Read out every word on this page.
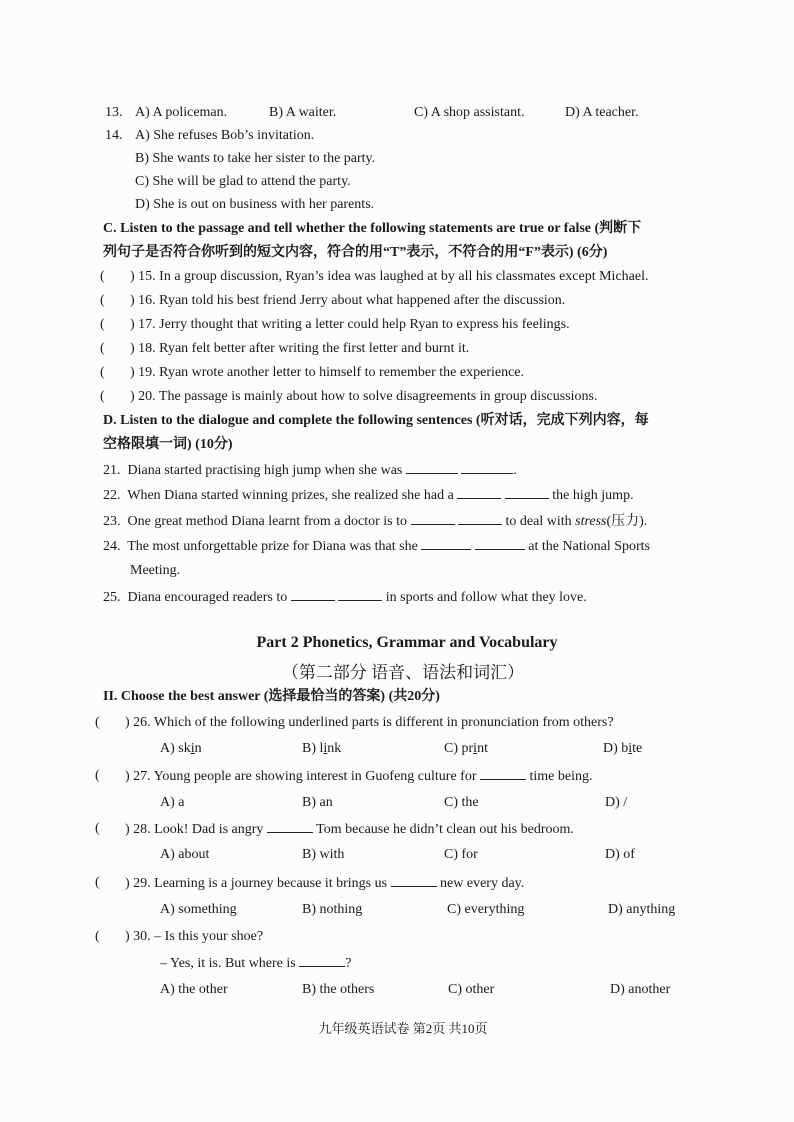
13. A) A policeman.	B) A waiter.	C) A shop assistant.	D) A teacher.
14. A) She refuses Bob’s invitation.
B) She wants to take her sister to the party.
C) She will be glad to attend the party.
D) She is out on business with her parents.
C. Listen to the passage and tell whether the following statements are true or false (判断下
列句子是否符合你听到的短文内容，符合的用“T”表示，不符合的用“F”表示) (6分)
( ) 15. In a group discussion, Ryan’s idea was laughed at by all his classmates except Michael.
( ) 16. Ryan told his best friend Jerry about what happened after the discussion.
( ) 17. Jerry thought that writing a letter could help Ryan to express his feelings.
( ) 18. Ryan felt better after writing the first letter and burnt it.
( ) 19. Ryan wrote another letter to himself to remember the experience.
( ) 20. The passage is mainly about how to solve disagreements in group discussions.
D. Listen to the dialogue and complete the following sentences (听对话，完成下列内容，每
空格限填一词) (10分)
21. Diana started practising high jump when she was	.
22. When Diana started winning prizes, she realized she had a	the high jump.
23. One great method Diana learnt from a doctor is to	to deal with stress(压力).
24. The most unforgettable prize for Diana was that she	at the National Sports
Meeting.
25. Diana encouraged readers to	in sports and follow what they love.
Part 2 Phonetics, Grammar and Vocabulary
（第二部分 语音、语法和词汇）
II. Choose the best answer (选择最恰当的答案) (共20分)
( ) 26. Which of the following underlined parts is different in pronunciation from others?
A) skin	B) link	C) print	D) bite
( ) 27. Young people are showing interest in Guofeng culture for	time being.
A) a	B) an	C) the	D) /
( ) 28. Look! Dad is angry	Tom because he didn’t clean out his bedroom.
A) about	B) with	C) for	D) of
( ) 29. Learning is a journey because it brings us	new every day.
A) something	B) nothing	C) everything	D) anything
( ) 30. – Is this your shoe?
– Yes, it is. But where is	?
A) the other	B) the others	C) other	D) another
九年级英语试卷 第2页 共10页
